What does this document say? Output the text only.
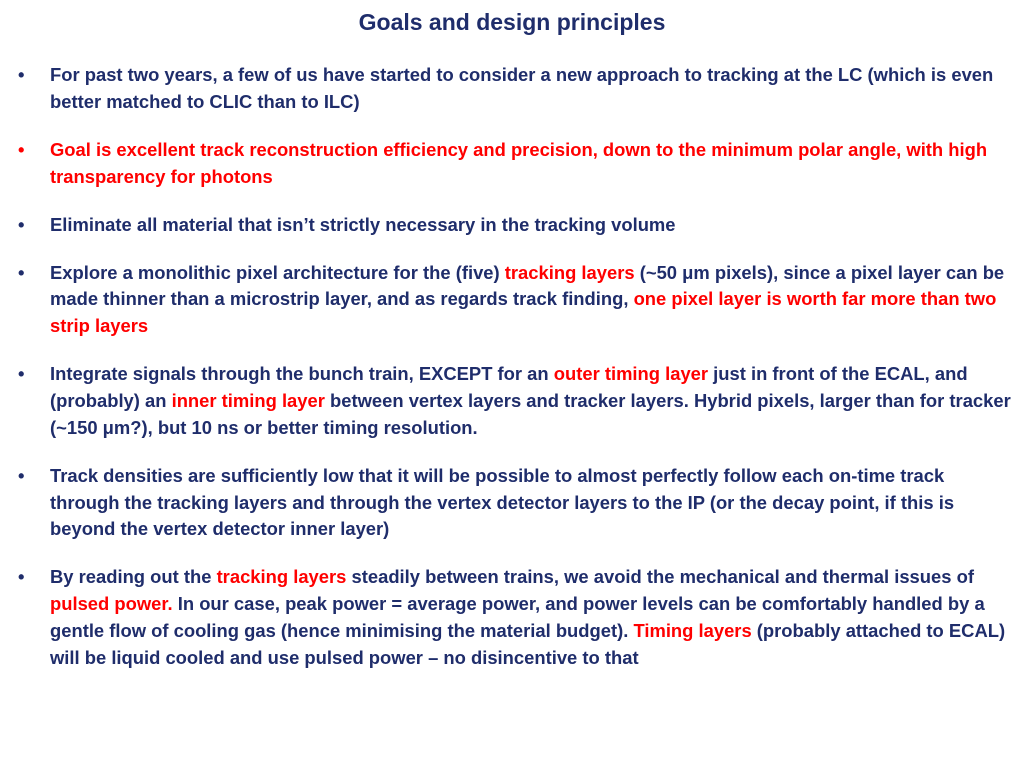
Goals and design principles
• For past two years, a few of us have started to consider a new approach to tracking at the LC (which is even better matched to CLIC than to ILC)
• Goal is excellent track reconstruction efficiency and precision, down to the minimum polar angle, with high transparency for photons
• Eliminate all material that isn’t strictly necessary in the tracking volume
• Explore a monolithic pixel architecture for the (five) tracking layers (~50 μm pixels), since a pixel layer can be made thinner than a microstrip layer, and as regards track finding, one pixel layer is worth far more than two strip layers
• Integrate signals through the bunch train, EXCEPT for an outer timing layer just in front of the ECAL, and (probably) an inner timing layer between vertex layers and tracker layers. Hybrid pixels, larger than for tracker (~150 μm?), but 10 ns or better timing resolution.
• Track densities are sufficiently low that it will be possible to almost perfectly follow each on-time track through the tracking layers and through the vertex detector layers to the IP (or the decay point, if this is beyond the vertex detector inner layer)
• By reading out the tracking layers steadily between trains, we avoid the mechanical and thermal issues of pulsed power. In our case, peak power = average power, and power levels can be comfortably handled by a gentle flow of cooling gas (hence minimising the material budget). Timing layers (probably attached to ECAL) will be liquid cooled and use pulsed power – no disincentive to that
